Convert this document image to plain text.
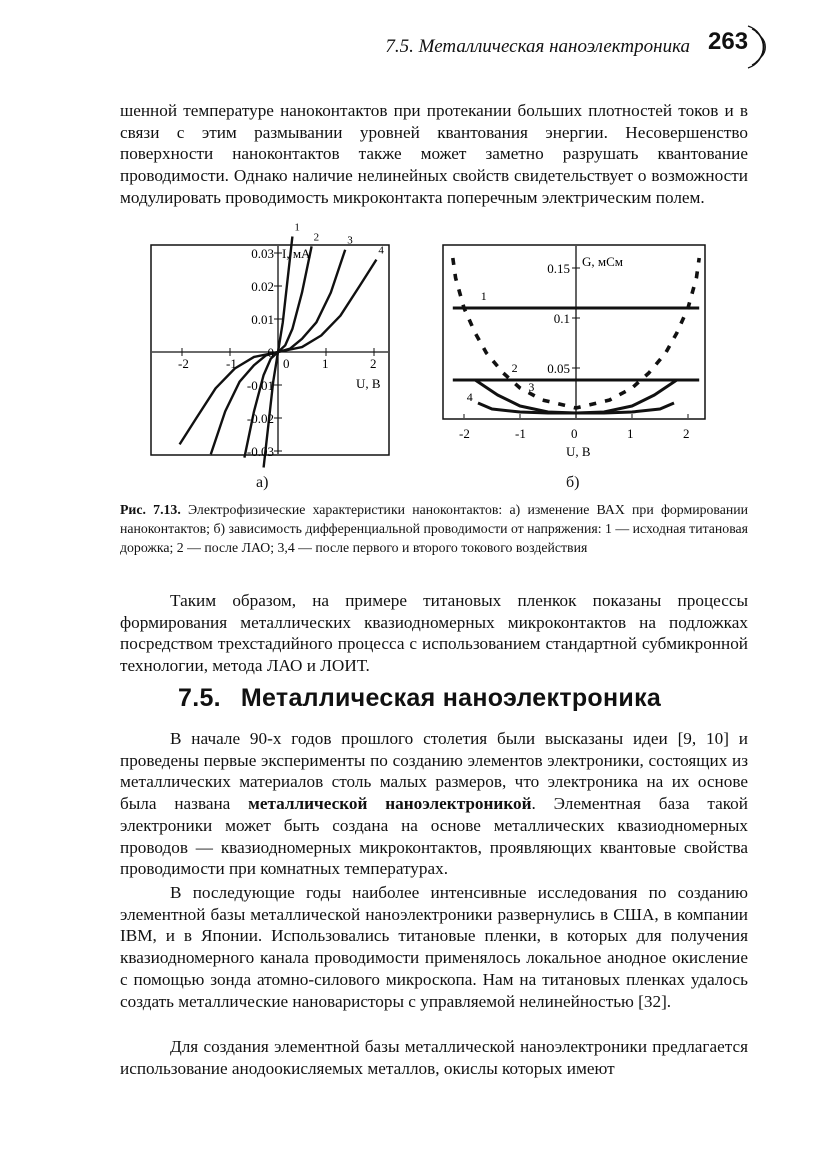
7.5. Металлическая наноэлектроника 263

шенной температуре наноконтактов при протекании больших плотностей токов и в связи с этим размывании уровней квантования энергии. Несовершенство поверхности наноконтактов также может заметно разрушать квантование проводимости. Однако наличие нелинейных свойств свидетельствует о возможности модулировать проводимость микроконтакта поперечным электрическим полем.

-2	-1	0	1	2
0.03
0.02
0.01
0
-0.01
-0.02
-0.03
I, мА
U, В
1
2	3
4
а)
-2	-1	0	1	2
0.15
0.1
0.05
G, мСм
U, В
1
2
3
4
б)

Рис. 7.13. Электрофизические характеристики наноконтактов: а) изменение ВАХ при формировании наноконтактов; б) зависимость дифференциальной проводимости от напряжения: 1 — исходная титановая дорожка; 2 — после ЛАО; 3,4 — после первого и второго токового воздействия

Таким образом, на примере титановых пленкок показаны процессы формирования металлических квазиодномерных микроконтактов на подложках посредством трехстадийного процесса с использованием стандартной субмикронной технологии, метода ЛАО и ЛОИТ.

7.5. Металлическая наноэлектроника

В начале 90-х годов прошлого столетия были высказаны идеи [9, 10] и проведены первые эксперименты по созданию элементов электроники, состоящих из металлических материалов столь малых размеров, что электроника на их основе была названа металлической наноэлектроникой. Элементная база такой электроники может быть создана на основе металлических квазиодномерных проводов — квазиодномерных микроконтактов, проявляющих квантовые свойства проводимости при комнатных температурах.

В последующие годы наиболее интенсивные исследования по созданию элементной базы металлической наноэлектроники развернулись в США, в компании IBM, и в Японии. Использовались титановые пленки, в которых для получения квазиодномерного канала проводимости применялось локальное анодное окисление с помощью зонда атомно-силового микроскопа. Нам на титановых пленках удалось создать металлические нановаристоры с управляемой нелинейностью [32].

Для создания элементной базы металлической наноэлектроники предлагается использование анодоокисляемых металлов, окислы которых имеют
